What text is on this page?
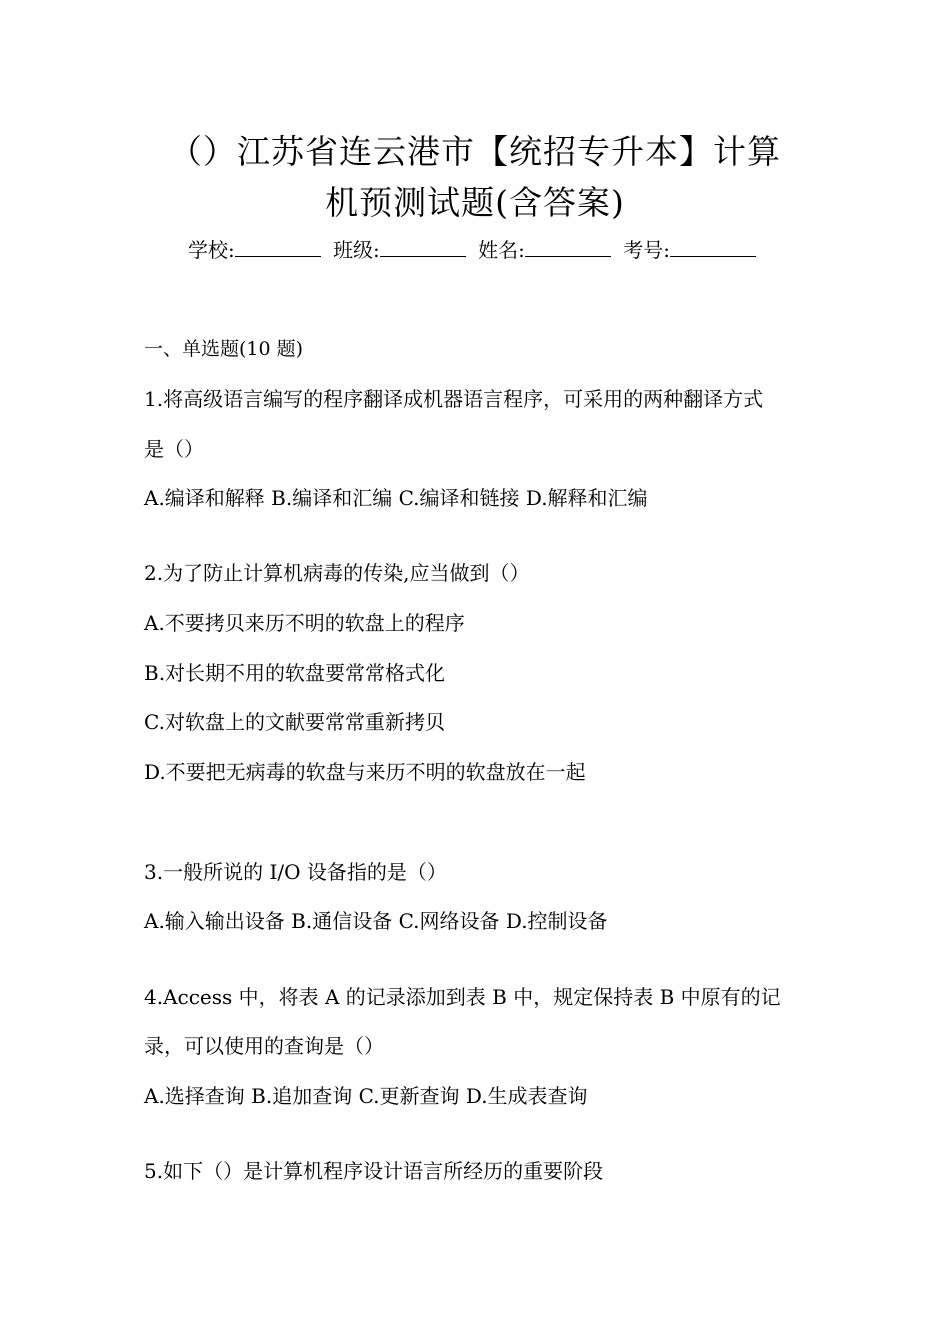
（）江苏省连云港市【统招专升本】计算
机预测试题(含答案)
学校:	班级:	姓名:	考号:
一、单选题(10 题)
1.将高级语言编写的程序翻译成机器语言程序，可采用的两种翻译方式
是（）
A.编译和解释 B.编译和汇编 C.编译和链接 D.解释和汇编
2.为了防止计算机病毒的传染,应当做到（）
A.不要拷贝来历不明的软盘上的程序
B.对长期不用的软盘要常常格式化
C.对软盘上的文献要常常重新拷贝
D.不要把无病毒的软盘与来历不明的软盘放在一起
3.一般所说的 I/O 设备指的是（）
A.输入输出设备 B.通信设备 C.网络设备 D.控制设备
4.Access 中，将表 A 的记录添加到表 B 中，规定保持表 B 中原有的记
录，可以使用的查询是（）
A.选择查询 B.追加查询 C.更新查询 D.生成表查询
5.如下（）是计算机程序设计语言所经历的重要阶段
